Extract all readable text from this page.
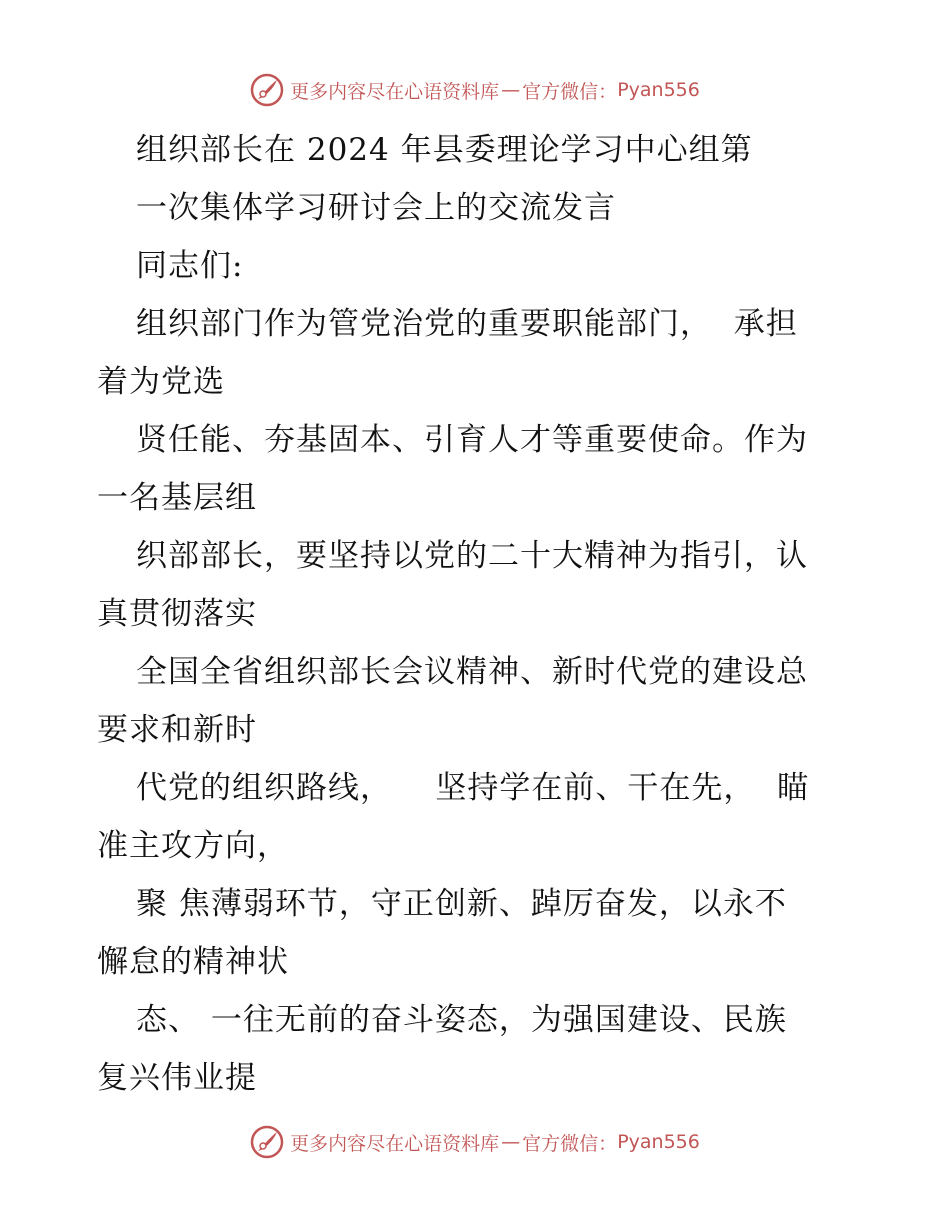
更多内容尽在心语资料库 — 官方微信： Pyan556
组织部长在 2024 年县委理论学习中心组第
一次集体学习研讨会上的交流发言
同志们:
组织部门作为管党治党的重要职能部门，  承担
着为党选
贤任能、夯基固本、引育人才等重要使命。作为
一名基层组
织部部长，要坚持以党的二十大精神为指引，认
真贯彻落实
全国全省组织部长会议精神、新时代党的建设总
要求和新时
代党的组织路线，    坚持学在前、干在先，  瞄
准主攻方向，
聚 焦薄弱环节，守正创新、踔厉奋发，以永不
懈怠的精神状
态、 一往无前的奋斗姿态，为强国建设、民族
复兴伟业提
更多内容尽在心语资料库 — 官方微信： Pyan556
